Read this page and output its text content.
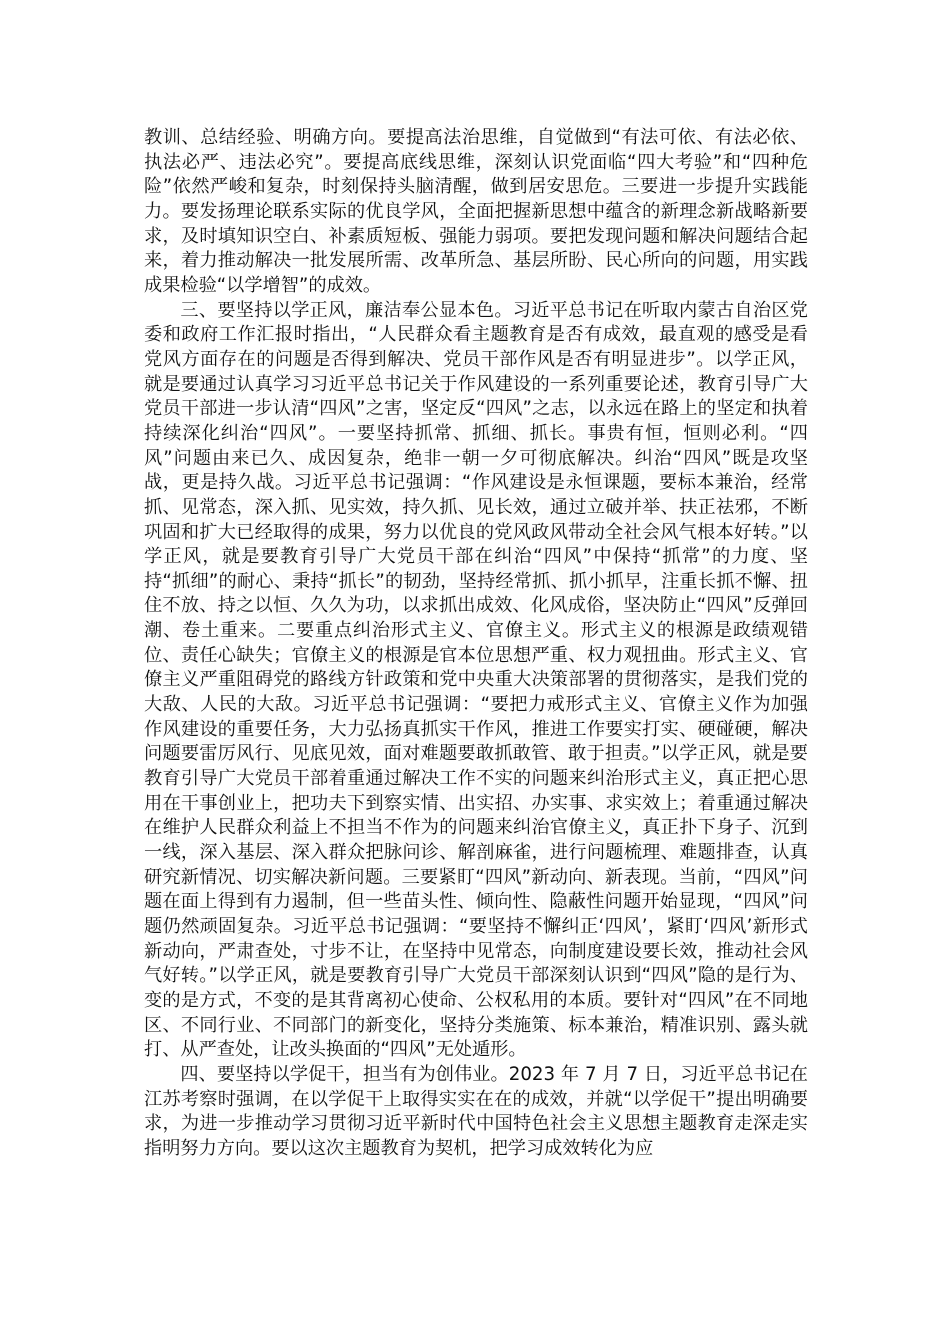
教训、总结经验、明确方向。要提高法治思维，自觉做到“有法可依、有法必依、执法必严、违法必究”。要提高底线思维，深刻认识党面临“四大考验”和“四种危险”依然严峻和复杂，时刻保持头脑清醒，做到居安思危。三要进一步提升实践能力。要发扬理论联系实际的优良学风，全面把握新思想中蕴含的新理念新战略新要求，及时填知识空白、补素质短板、强能力弱项。要把发现问题和解决问题结合起来，着力推动解决一批发展所需、改革所急、基层所盼、民心所向的问题，用实践成果检验“以学增智”的成效。

三、要坚持以学正风，廉洁奉公显本色。习近平总书记在听取内蒙古自治区党委和政府工作汇报时指出，“人民群众看主题教育是否有成效，最直观的感受是看党风方面存在的问题是否得到解决、党员干部作风是否有明显进步”。以学正风，就是要通过认真学习习近平总书记关于作风建设的一系列重要论述，教育引导广大党员干部进一步认清“四风”之害，坚定反“四风”之志，以永远在路上的坚定和执着持续深化纠治“四风”。一要坚持抓常、抓细、抓长。事贵有恒，恒则必利。“四风”问题由来已久、成因复杂，绝非一朝一夕可彻底解决。纠治“四风”既是攻坚战，更是持久战。习近平总书记强调：“作风建设是永恒课题，要标本兼治，经常抓、见常态，深入抓、见实效，持久抓、见长效，通过立破并举、扶正祛邪，不断巩固和扩大已经取得的成果，努力以优良的党风政风带动全社会风气根本好转。”以学正风，就是要教育引导广大党员干部在纠治“四风”中保持“抓常”的力度、坚持“抓细”的耐心、秉持“抓长”的韧劲，坚持经常抓、抓小抓早，注重长抓不懈、扭住不放、持之以恒、久久为功，以求抓出成效、化风成俗，坚决防止“四风”反弹回潮、卷土重来。二要重点纠治形式主义、官僚主义。形式主义的根源是政绩观错位、责任心缺失；官僚主义的根源是官本位思想严重、权力观扭曲。形式主义、官僚主义严重阻碍党的路线方针政策和党中央重大决策部署的贯彻落实，是我们党的大敌、人民的大敌。习近平总书记强调：“要把力戒形式主义、官僚主义作为加强作风建设的重要任务，大力弘扬真抓实干作风，推进工作要实打实、硬碰硬，解决问题要雷厉风行、见底见效，面对难题要敢抓敢管、敢于担责。”以学正风，就是要教育引导广大党员干部着重通过解决工作不实的问题来纠治形式主义，真正把心思用在干事创业上，把功夫下到察实情、出实招、办实事、求实效上；着重通过解决在维护人民群众利益上不担当不作为的问题来纠治官僚主义，真正扑下身子、沉到一线，深入基层、深入群众把脉问诊、解剖麻雀，进行问题梳理、难题排查，认真研究新情况、切实解决新问题。三要紧盯“四风”新动向、新表现。当前，“四风”问题在面上得到有力遏制，但一些苗头性、倾向性、隐蔽性问题开始显现，“四风”问题仍然顽固复杂。习近平总书记强调：“要坚持不懈纠正‘四风’，紧盯‘四风’新形式新动向，严肃查处，寸步不让，在坚持中见常态，向制度建设要长效，推动社会风气好转。”以学正风，就是要教育引导广大党员干部深刻认识到“四风”隐的是行为、变的是方式，不变的是其背离初心使命、公权私用的本质。要针对“四风”在不同地区、不同行业、不同部门的新变化，坚持分类施策、标本兼治，精准识别、露头就打、从严查处，让改头换面的“四风”无处遁形。

四、要坚持以学促干，担当有为创伟业。2023 年 7 月 7 日，习近平总书记在江苏考察时强调，在以学促干上取得实实在在的成效，并就“以学促干”提出明确要求，为进一步推动学习贯彻习近平新时代中国特色社会主义思想主题教育走深走实指明努力方向。要以这次主题教育为契机，把学习成效转化为应
